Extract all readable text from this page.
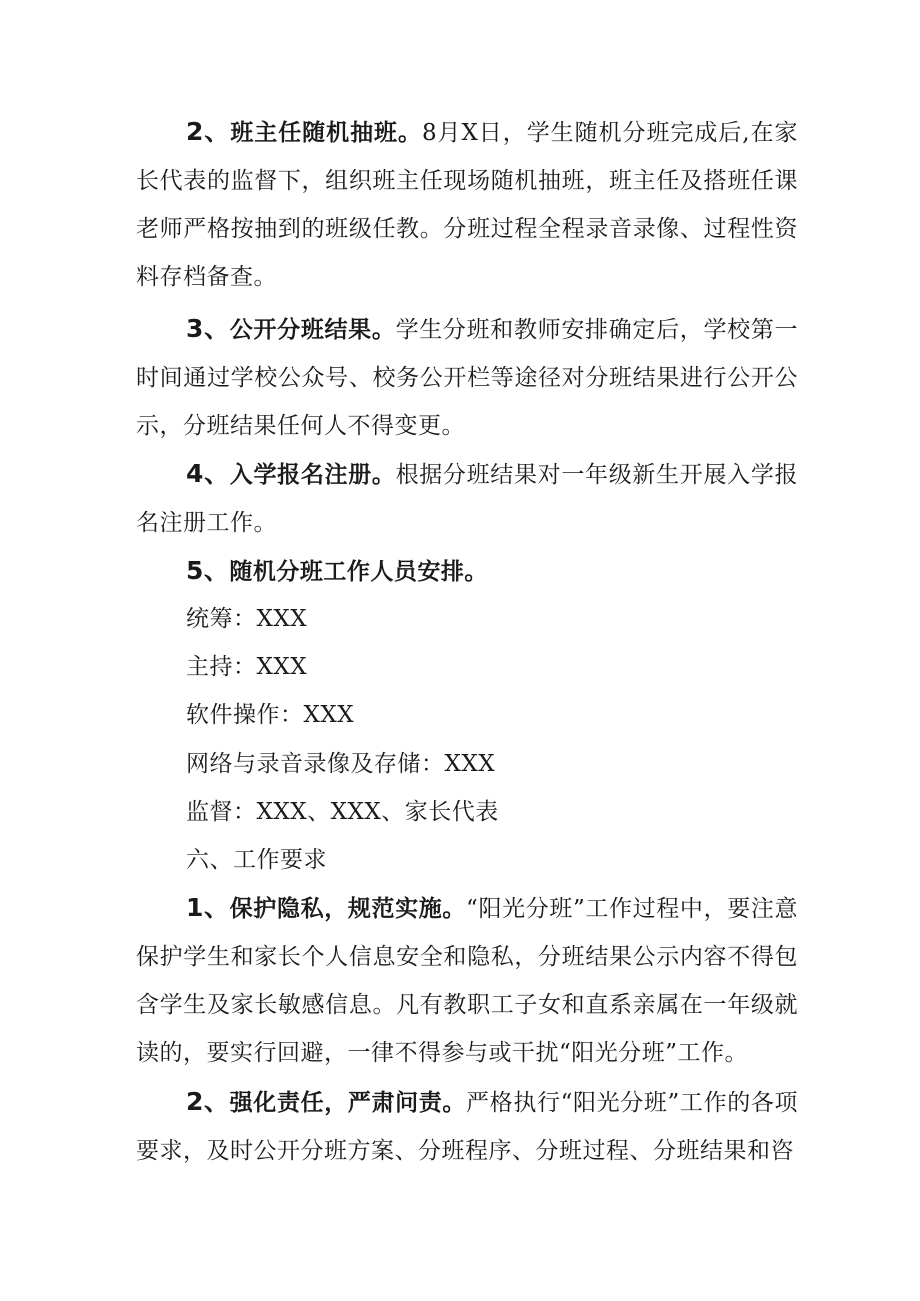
2、班主任随机抽班。8月X日，学生随机分班完成后,在家长代表的监督下，组织班主任现场随机抽班，班主任及搭班任课老师严格按抽到的班级任教。分班过程全程录音录像、过程性资料存档备查。

3、公开分班结果。学生分班和教师安排确定后，学校第一时间通过学校公众号、校务公开栏等途径对分班结果进行公开公示，分班结果任何人不得变更。

4、入学报名注册。根据分班结果对一年级新生开展入学报名注册工作。

5、随机分班工作人员安排。

统筹：XXX

主持：XXX

软件操作：XXX

网络与录音录像及存储：XXX

监督：XXX、XXX、家长代表

六、工作要求

1、保护隐私，规范实施。“阳光分班”工作过程中，要注意保护学生和家长个人信息安全和隐私，分班结果公示内容不得包含学生及家长敏感信息。凡有教职工子女和直系亲属在一年级就读的，要实行回避，一律不得参与或干扰“阳光分班”工作。

2、强化责任，严肃问责。严格执行“阳光分班”工作的各项要求，及时公开分班方案、分班程序、分班过程、分班结果和咨
